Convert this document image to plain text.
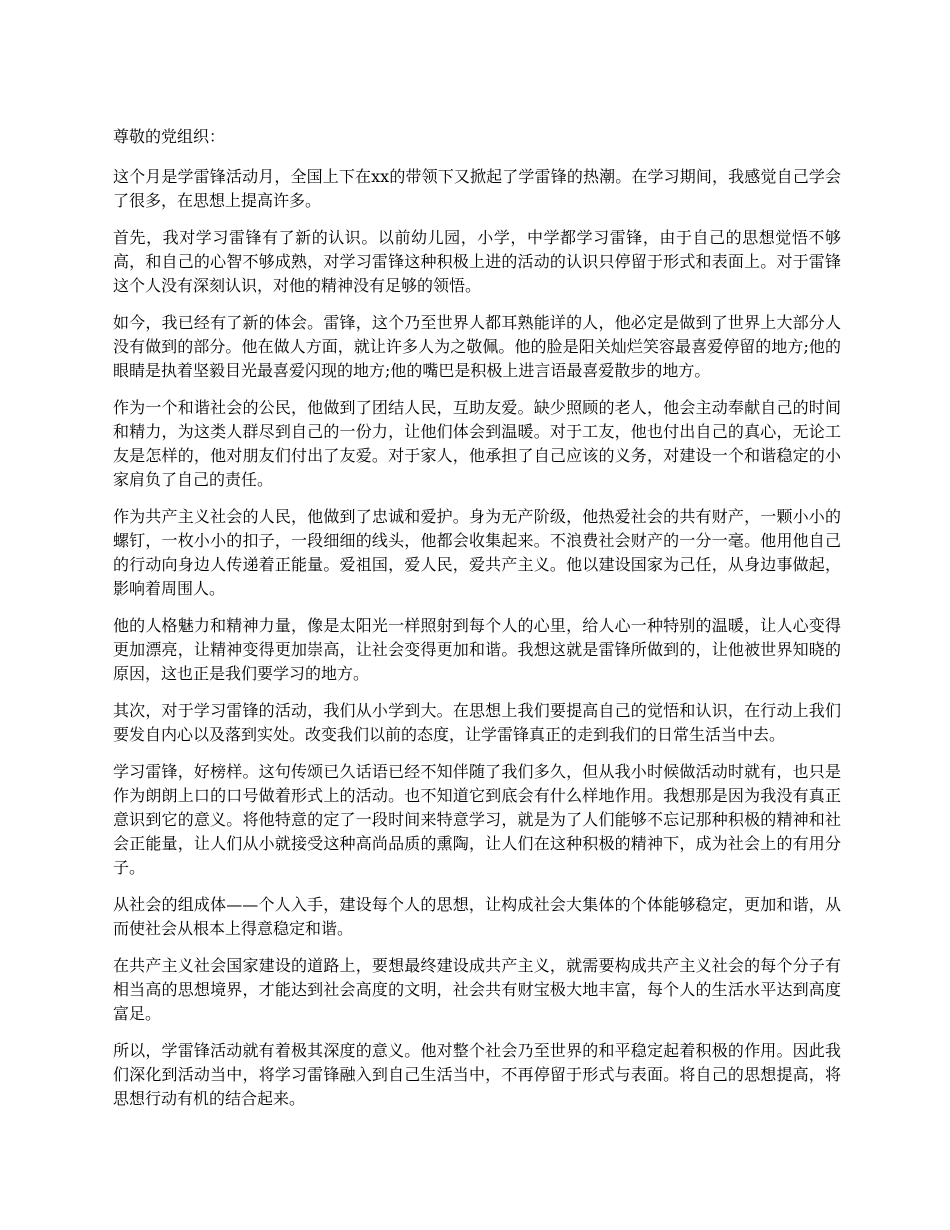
尊敬的党组织：

这个月是学雷锋活动月，全国上下在xx的带领下又掀起了学雷锋的热潮。在学习期间，我感觉自己学会了很多，在思想上提高许多。

首先，我对学习雷锋有了新的认识。以前幼儿园，小学，中学都学习雷锋，由于自己的思想觉悟不够高，和自己的心智不够成熟，对学习雷锋这种积极上进的活动的认识只停留于形式和表面上。对于雷锋这个人没有深刻认识，对他的精神没有足够的领悟。

如今，我已经有了新的体会。雷锋，这个乃至世界人都耳熟能详的人，他必定是做到了世界上大部分人没有做到的部分。他在做人方面，就让许多人为之敬佩。他的脸是阳关灿烂笑容最喜爱停留的地方;他的眼睛是执着坚毅目光最喜爱闪现的地方;他的嘴巴是积极上进言语最喜爱散步的地方。

作为一个和谐社会的公民，他做到了团结人民，互助友爱。缺少照顾的老人，他会主动奉献自己的时间和精力，为这类人群尽到自己的一份力，让他们体会到温暖。对于工友，他也付出自己的真心，无论工友是怎样的，他对朋友们付出了友爱。对于家人，他承担了自己应该的义务，对建设一个和谐稳定的小家肩负了自己的责任。

作为共产主义社会的人民，他做到了忠诚和爱护。身为无产阶级，他热爱社会的共有财产，一颗小小的螺钉，一枚小小的扣子，一段细细的线头，他都会收集起来。不浪费社会财产的一分一毫。他用他自己的行动向身边人传递着正能量。爱祖国，爱人民，爱共产主义。他以建设国家为己任，从身边事做起，影响着周围人。

他的人格魅力和精神力量，像是太阳光一样照射到每个人的心里，给人心一种特别的温暖，让人心变得更加漂亮，让精神变得更加崇高，让社会变得更加和谐。我想这就是雷锋所做到的，让他被世界知晓的原因，这也正是我们要学习的地方。

其次，对于学习雷锋的活动，我们从小学到大。在思想上我们要提高自己的觉悟和认识，在行动上我们要发自内心以及落到实处。改变我们以前的态度，让学雷锋真正的走到我们的日常生活当中去。

学习雷锋，好榜样。这句传颂已久话语已经不知伴随了我们多久，但从我小时候做活动时就有，也只是作为朗朗上口的口号做着形式上的活动。也不知道它到底会有什么样地作用。我想那是因为我没有真正意识到它的意义。将他特意的定了一段时间来特意学习，就是为了人们能够不忘记那种积极的精神和社会正能量，让人们从小就接受这种高尚品质的熏陶，让人们在这种积极的精神下，成为社会上的有用分子。

从社会的组成体——个人入手，建设每个人的思想，让构成社会大集体的个体能够稳定，更加和谐，从而使社会从根本上得意稳定和谐。

在共产主义社会国家建设的道路上，要想最终建设成共产主义，就需要构成共产主义社会的每个分子有相当高的思想境界，才能达到社会高度的文明，社会共有财宝极大地丰富，每个人的生活水平达到高度富足。

所以，学雷锋活动就有着极其深度的意义。他对整个社会乃至世界的和平稳定起着积极的作用。因此我们深化到活动当中，将学习雷锋融入到自己生活当中，不再停留于形式与表面。将自己的思想提高，将思想行动有机的结合起来。
